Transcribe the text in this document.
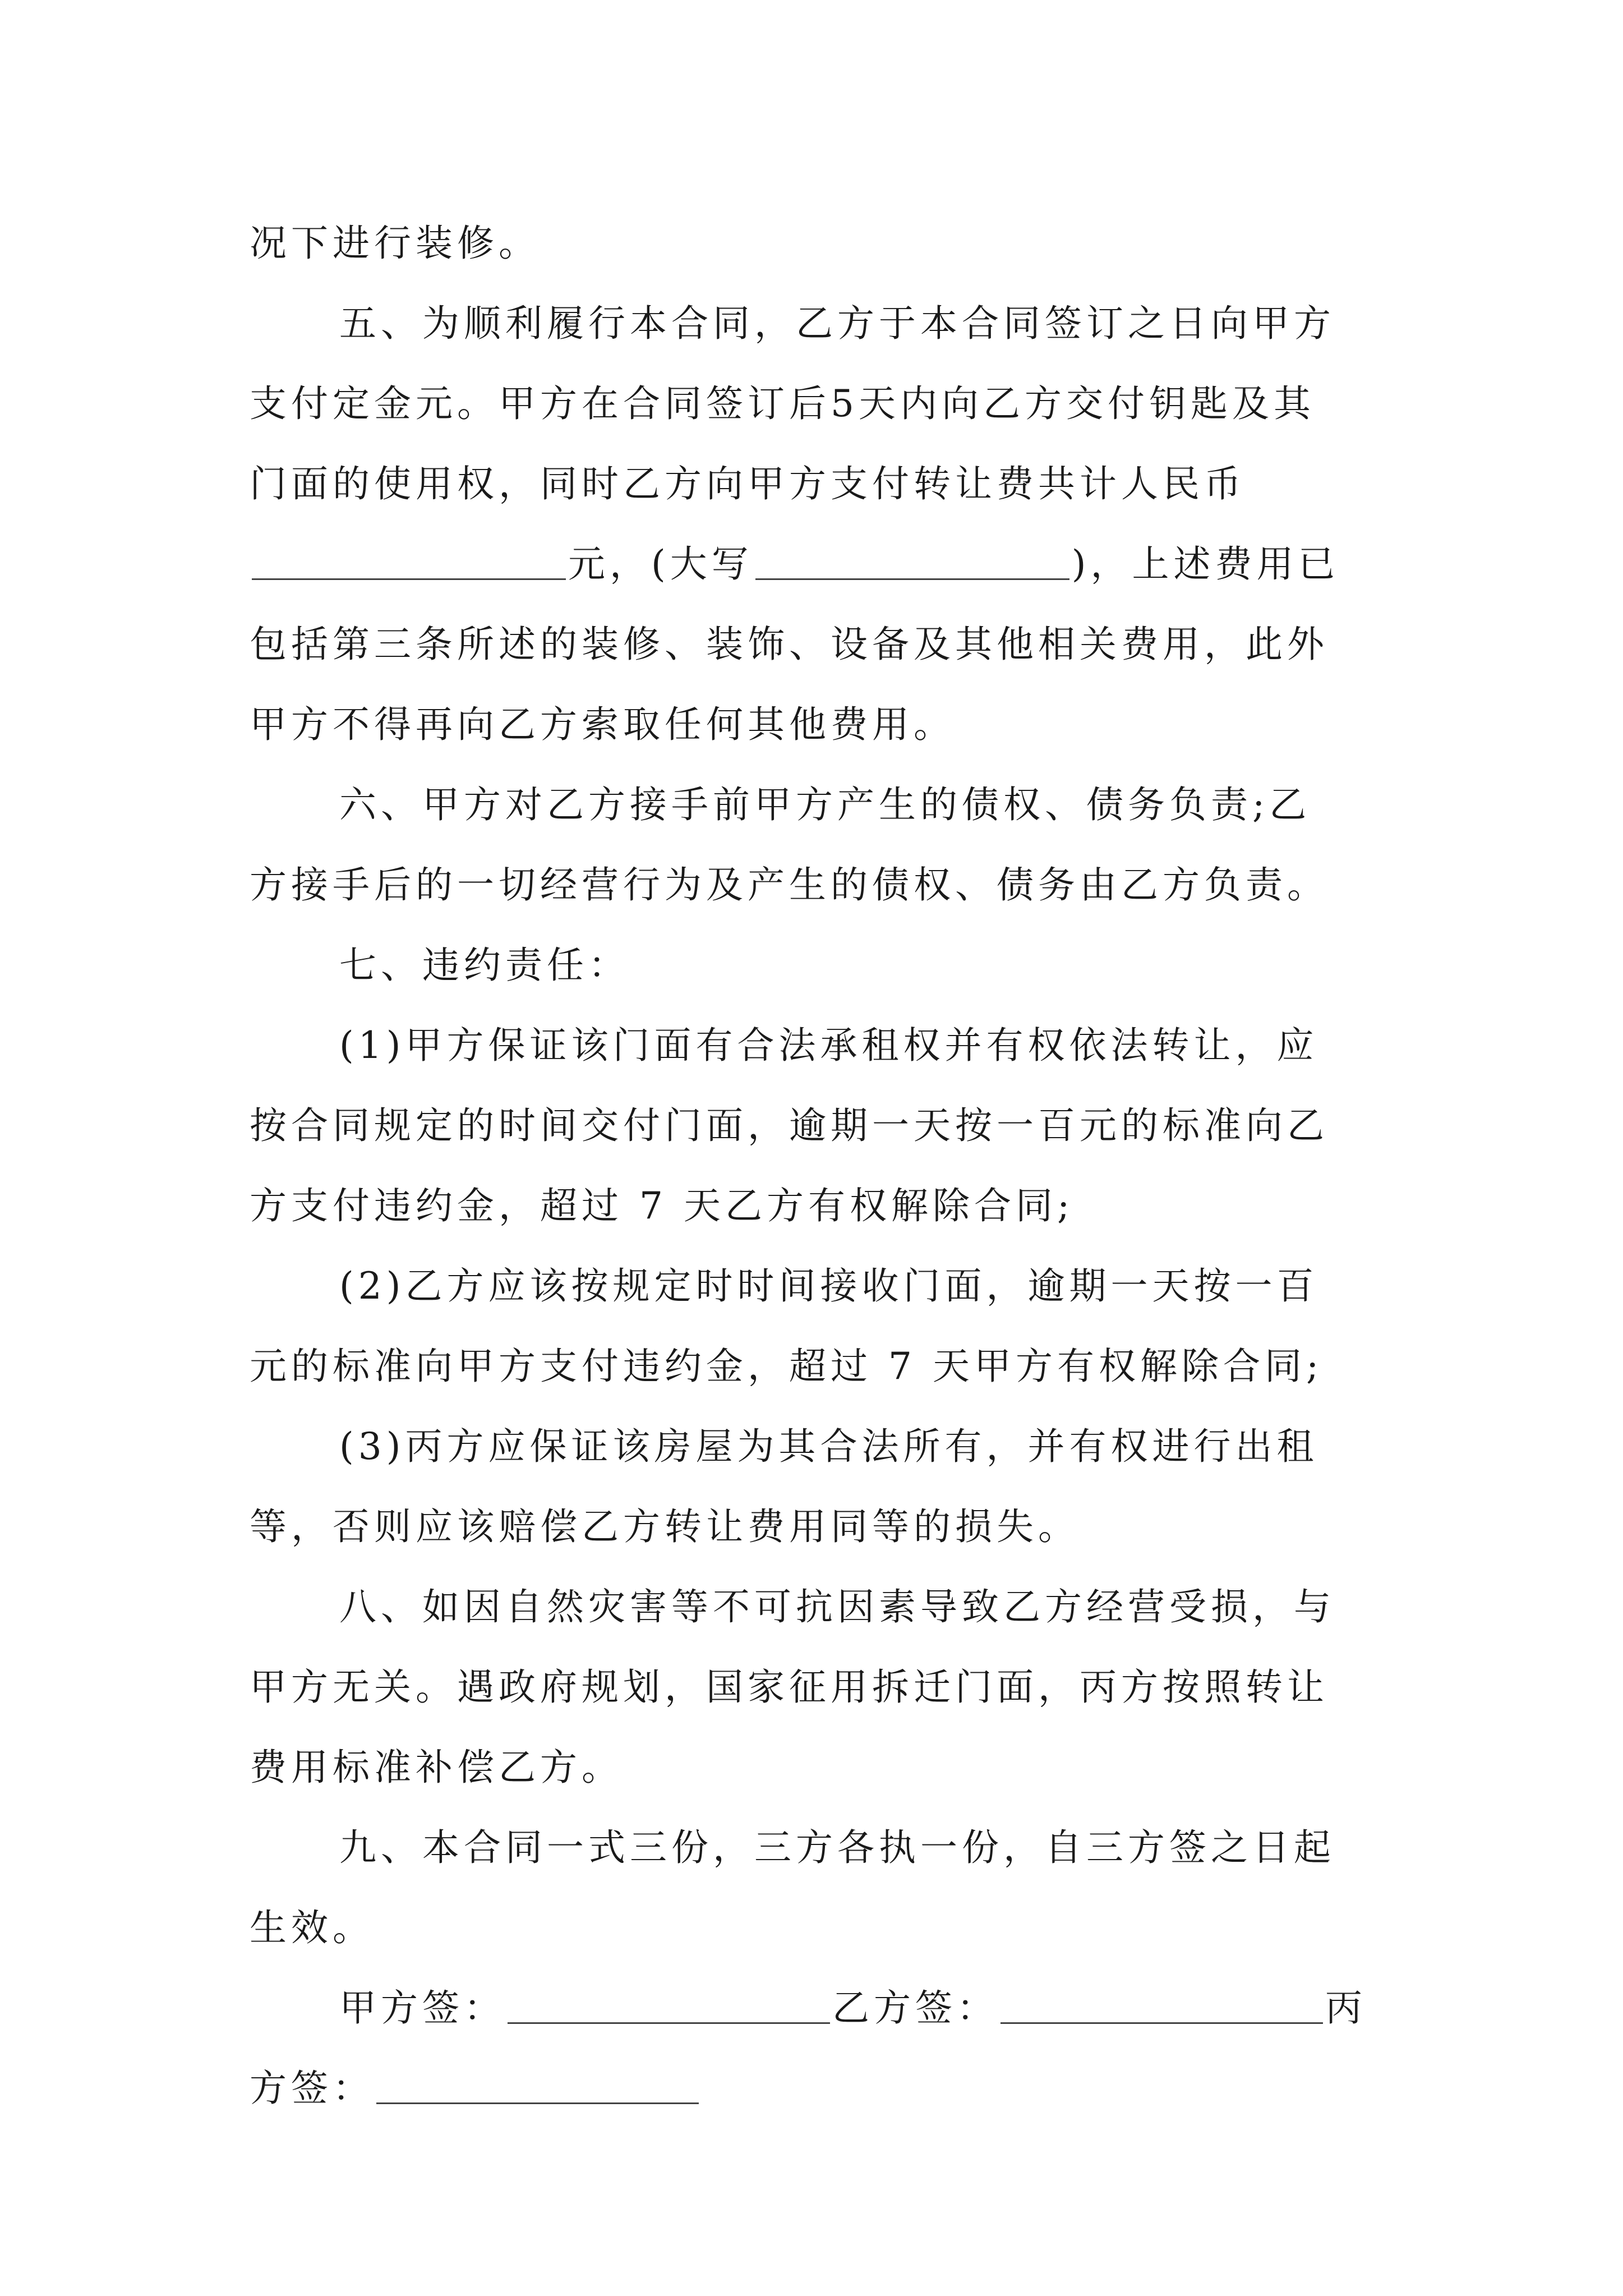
况下进行装修。
五、为顺利履行本合同，乙方于本合同签订之日向甲方
支付定金元。甲方在合同签订后5天内向乙方交付钥匙及其
门面的使用权，同时乙方向甲方支付转让费共计人民币
元，(大写	)，上述费用已
包括第三条所述的装修、装饰、设备及其他相关费用，此外
甲方不得再向乙方索取任何其他费用。
六、甲方对乙方接手前甲方产生的债权、债务负责;乙
方接手后的一切经营行为及产生的债权、债务由乙方负责。
七、违约责任：
(1)甲方保证该门面有合法承租权并有权依法转让，应
按合同规定的时间交付门面，逾期一天按一百元的标准向乙
方支付违约金，超过 7 天乙方有权解除合同;
(2)乙方应该按规定时时间接收门面，逾期一天按一百
元的标准向甲方支付违约金，超过 7 天甲方有权解除合同;
(3)丙方应保证该房屋为其合法所有，并有权进行出租
等，否则应该赔偿乙方转让费用同等的损失。
八、如因自然灾害等不可抗因素导致乙方经营受损，与
甲方无关。遇政府规划，国家征用拆迁门面，丙方按照转让
费用标准补偿乙方。
九、本合同一式三份，三方各执一份，自三方签之日起
生效。
甲方签：	乙方签：	丙
方签：
